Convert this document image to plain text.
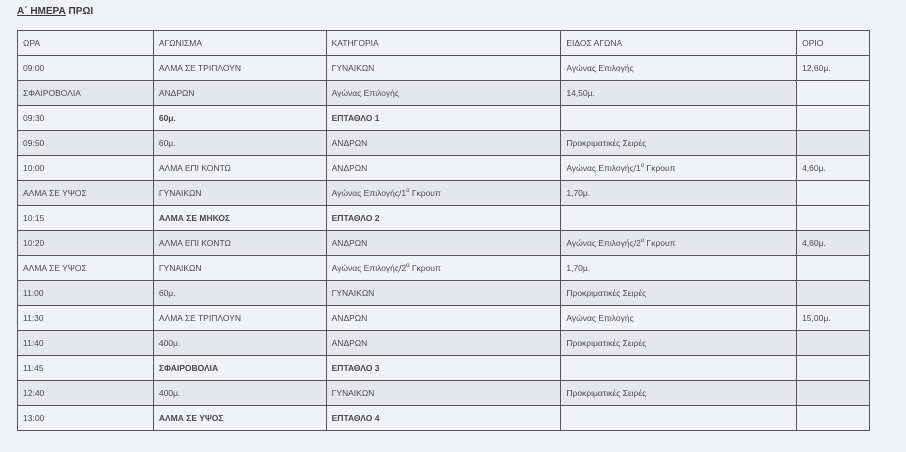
Α΄ ΗΜΕΡΑ ΠΡΩΙ
ΩΡΑ	ΑΓΩΝΙΣΜΑ	ΚΑΤΗΓΟΡΙΑ	ΕΙΔΟΣ ΑΓΩΝΑ	ΟΡΙΟ
09:00	ΑΛΜΑ ΣΕ ΤΡΙΠΛΟΥΝ	ΓΥΝΑΙΚΩΝ	Αγώνας Επιλογής	12,60μ.
ΣΦΑΙΡΟΒΟΛΙΑ	ΑΝΔΡΩΝ	Αγώνας Επιλογής	14,50μ.	
09:30	60μ.	ΕΠΤΑΘΛΟ 1		
09:50	60μ.	ΑΝΔΡΩΝ	Προκριματικές Σειρές	
10:00	ΑΛΜΑ ΕΠΙ ΚΟΝΤΩ	ΑΝΔΡΩΝ	Αγώνας Επιλογής/$1^o$ Γκρουπ	4,60μ.
ΑΛΜΑ ΣΕ ΥΨΟΣ	ΓΥΝΑΙΚΩΝ	Αγώνας Επιλογής/$1^o$ Γκρουπ	1,70μ.	
10:15	ΑΛΜΑ ΣΕ ΜΗΚΟΣ	ΕΠΤΑΘΛΟ 2		
10:20	ΑΛΜΑ ΕΠΙ ΚΟΝΤΩ	ΑΝΔΡΩΝ	Αγώνας Επιλογής/$2^o$ Γκρουπ	4,60μ.
ΑΛΜΑ ΣΕ ΥΨΟΣ	ΓΥΝΑΙΚΩΝ	Αγώνας Επιλογής/$2^o$ Γκρουπ	1,70μ.	
11:00	60μ.	ΓΥΝΑΙΚΩΝ	Προκριματικές Σειρές	
11:30	ΑΛΜΑ ΣΕ ΤΡΙΠΛΟΥΝ	ΑΝΔΡΩΝ	Αγώνας Επιλογής	15,00μ.
11:40	400μ.	ΑΝΔΡΩΝ	Προκριματικές Σειρές	
11:45	ΣΦΑΙΡΟΒΟΛΙΑ	ΕΠΤΑΘΛΟ 3		
12:40	400μ.	ΓΥΝΑΙΚΩΝ	Προκριματικές Σειρές	
13:00	ΑΛΜΑ ΣΕ ΥΨΟΣ	ΕΠΤΑΘΛΟ 4		
